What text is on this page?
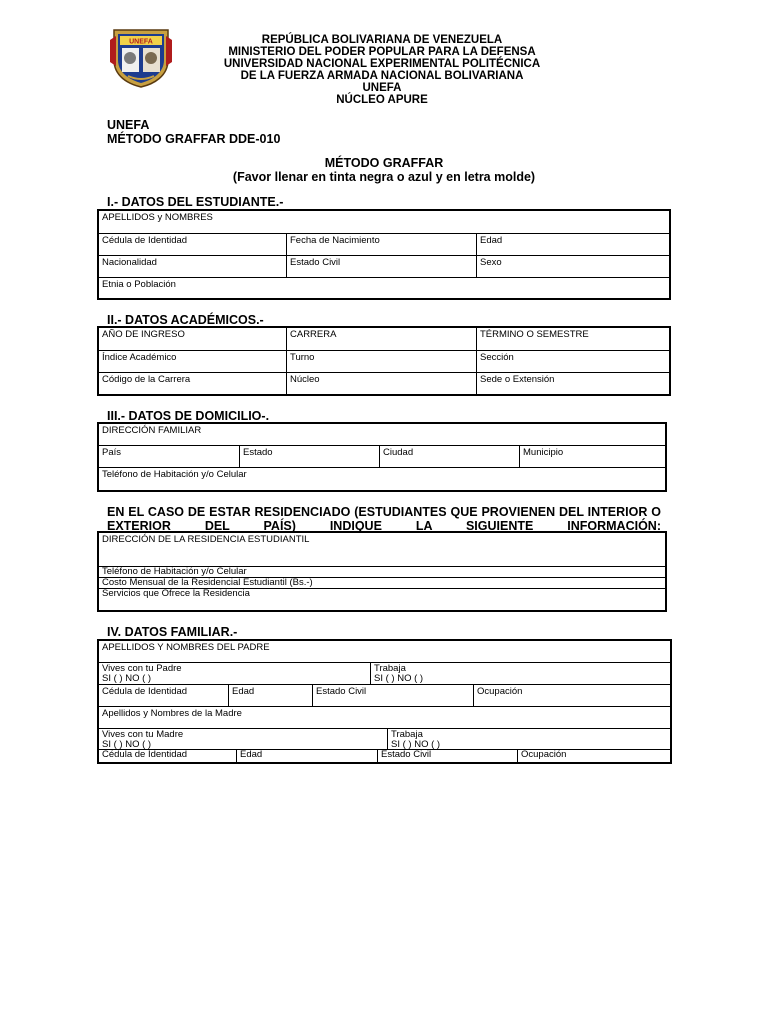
UNEFA	REPÚBLICA BOLIVARIANA DE VENEZUELA
MINISTERIO DEL PODER POPULAR PARA LA DEFENSA
UNIVERSIDAD NACIONAL EXPERIMENTAL POLITÉCNICA
DE LA FUERZA ARMADA NACIONAL BOLIVARIANA
UNEFA
NÚCLEO APURE
UNEFA
MÉTODO GRAFFAR DDE-010
MÉTODO GRAFFAR
(Favor llenar en tinta negra o azul y en letra molde)
I.- DATOS DEL ESTUDIANTE.-
APELLIDOS y NOMBRES
Cédula de Identidad	Fecha de Nacimiento	Edad
Nacionalidad	Estado Civil	Sexo
Etnia o Población
II.- DATOS ACADÉMICOS.-
AÑO DE INGRESO	CARRERA	TÉRMINO O SEMESTRE
Índice Académico	Turno	Sección
Código de la Carrera	Núcleo	Sede o Extensión
III.- DATOS DE DOMICILIO-.
DIRECCIÓN FAMILIAR
País	Estado	Ciudad	Municipio
Teléfono de Habitación y/o Celular
EN EL CASO DE ESTAR RESIDENCIADO (ESTUDIANTES QUE PROVIENEN DEL INTERIOR O EXTERIOR DEL PAÍS) INDIQUE LA SIGUIENTE INFORMACIÓN:
DIRECCIÓN DE LA RESIDENCIA ESTUDIANTIL
Teléfono de Habitación y/o Celular
Costo Mensual de la Residencial Estudiantil (Bs.-)
Servicios que Ofrece la Residencia
IV. DATOS FAMILIAR.-
APELLIDOS Y NOMBRES DEL PADRE
Vives con tu Padre
SI ( ) NO ( )
Trabaja
SI ( ) NO ( )
Cédula de Identidad	Edad	Estado Civil	Ocupación
Apellidos y Nombres de la Madre
Vives con tu Madre
SI ( ) NO ( )
Trabaja
SI ( ) NO ( )
Cédula de Identidad	Edad	Estado Civil	Ocupación
